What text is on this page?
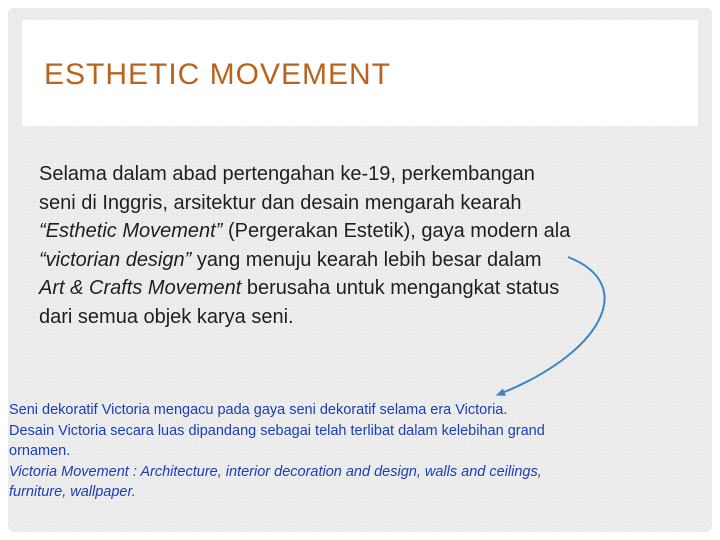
ESTHETIC MOVEMENT

Selama dalam abad pertengahan ke-19, perkembangan
seni di Inggris, arsitektur dan desain mengarah kearah
“Esthetic Movement” (Pergerakan Estetik), gaya modern ala
“victorian design” yang menuju kearah lebih besar dalam
Art & Crafts Movement berusaha untuk mengangkat status
dari semua objek karya seni.

Seni dekoratif Victoria mengacu pada gaya seni dekoratif selama era Victoria.
Desain Victoria secara luas dipandang sebagai telah terlibat dalam kelebihan grand
ornamen.
Victoria Movement : Architecture, interior decoration and design, walls and ceilings,
furniture, wallpaper.
